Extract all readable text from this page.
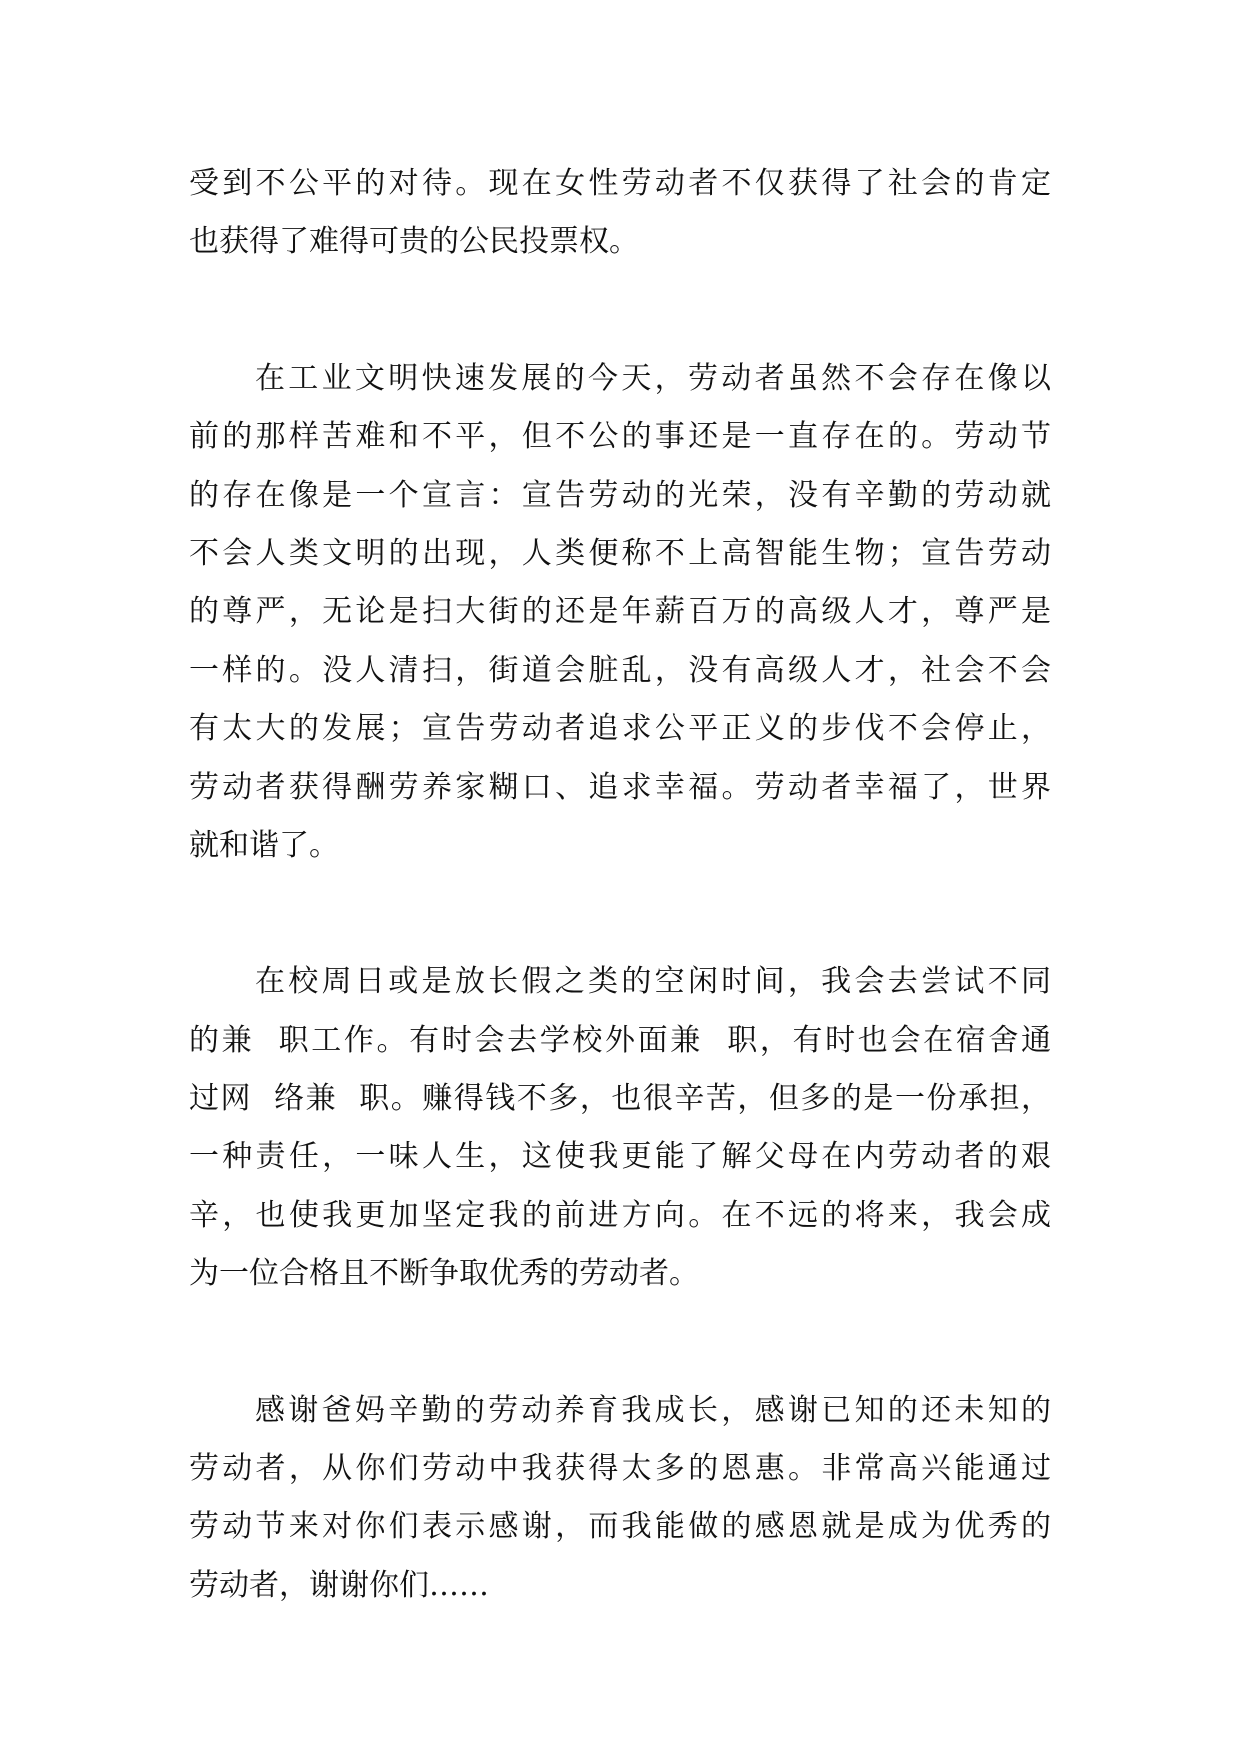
受到不公平的对待。现在女性劳动者不仅获得了社会的肯定
也获得了难得可贵的公民投票权。
在工业文明快速发展的今天，劳动者虽然不会存在像以
前的那样苦难和不平，但不公的事还是一直存在的。劳动节
的存在像是一个宣言：宣告劳动的光荣，没有辛勤的劳动就
不会人类文明的出现，人类便称不上高智能生物；宣告劳动
的尊严，无论是扫大街的还是年薪百万的高级人才，尊严是
一样的。没人清扫，街道会脏乱，没有高级人才，社会不会
有太大的发展；宣告劳动者追求公平正义的步伐不会停止，
劳动者获得酬劳养家糊口、追求幸福。劳动者幸福了，世界
就和谐了。
在校周日或是放长假之类的空闲时间，我会去尝试不同
的兼  职工作。有时会去学校外面兼  职，有时也会在宿舍通
过网  络兼  职。赚得钱不多，也很辛苦，但多的是一份承担，
一种责任，一味人生，这使我更能了解父母在内劳动者的艰
辛，也使我更加坚定我的前进方向。在不远的将来，我会成
为一位合格且不断争取优秀的劳动者。
感谢爸妈辛勤的劳动养育我成长，感谢已知的还未知的
劳动者，从你们劳动中我获得太多的恩惠。非常高兴能通过
劳动节来对你们表示感谢，而我能做的感恩就是成为优秀的
劳动者，谢谢你们……
